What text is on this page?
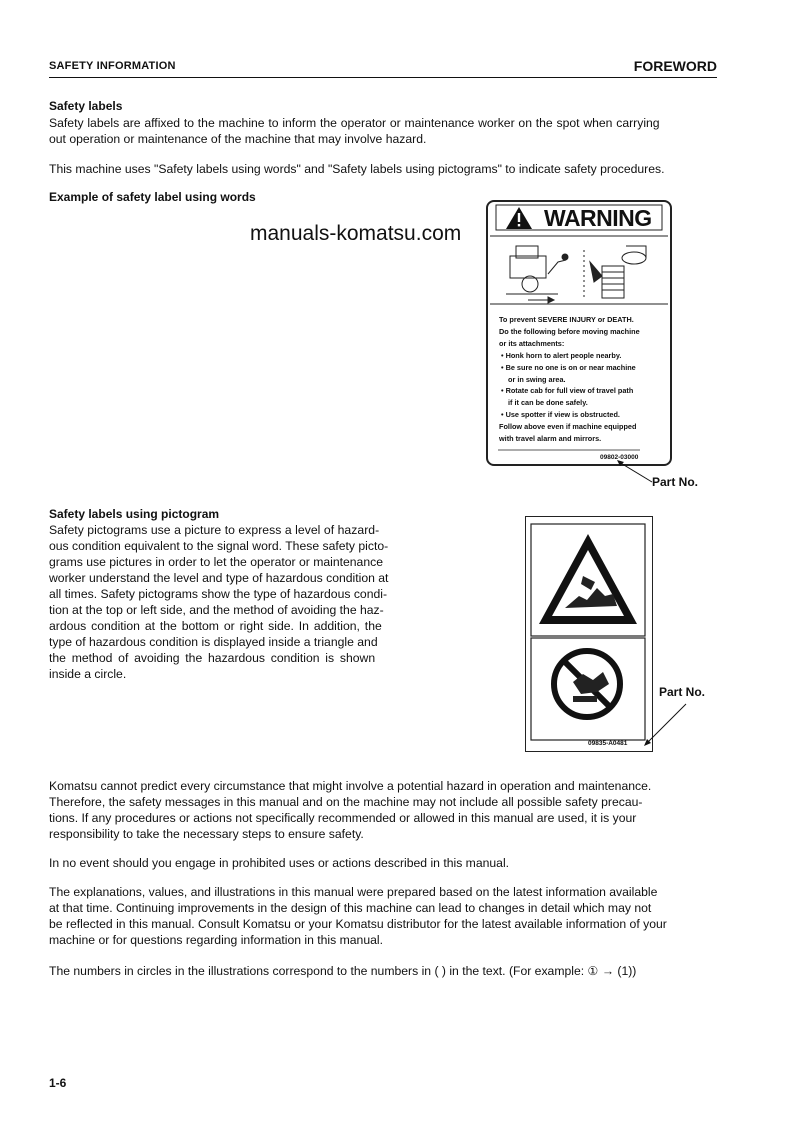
SAFETY INFORMATION	FOREWORD
Safety labels
Safety labels are affixed to the machine to inform the operator or maintenance worker on the spot when carrying
out operation or maintenance of the machine that may involve hazard.
This machine uses "Safety labels using words" and "Safety labels using pictograms" to indicate safety procedures.
Example of safety label using words
manuals-komatsu.com
WARNING
To prevent SEVERE INJURY or DEATH.
Do the following before moving machine
or its attachments:
• Honk horn to alert people nearby.
• Be sure no one is on or near machine
or in swing area.
• Rotate cab for full view of travel path
if it can be done safely.
• Use spotter if view is obstructed.
Follow above even if machine equipped
with travel alarm and mirrors.
09802-03000
Part No.
Safety labels using pictogram
Safety pictograms use a picture to express a level of hazard-
ous condition equivalent to the signal word. These safety picto-
grams use pictures in order to let the operator or maintenance
worker understand the level and type of hazardous condition at
all times. Safety pictograms show the type of hazardous condi-
tion at the top or left side, and the method of avoiding the haz-
ardous condition at the bottom or right side. In addition, the
type of hazardous condition is displayed inside a triangle and
the method of avoiding the hazardous condition is shown
inside a circle.
09835-A0481
Part No.
Komatsu cannot predict every circumstance that might involve a potential hazard in operation and maintenance.
Therefore, the safety messages in this manual and on the machine may not include all possible safety precau-
tions. If any procedures or actions not specifically recommended or allowed in this manual are used, it is your
responsibility to take the necessary steps to ensure safety.
In no event should you engage in prohibited uses or actions described in this manual.
The explanations, values, and illustrations in this manual were prepared based on the latest information available
at that time. Continuing improvements in the design of this machine can lead to changes in detail which may not
be reflected in this manual. Consult Komatsu or your Komatsu distributor for the latest available information of your
machine or for questions regarding information in this manual.
The numbers in circles in the illustrations correspond to the numbers in ( ) in the text. (For example: ① → (1))
1-6
